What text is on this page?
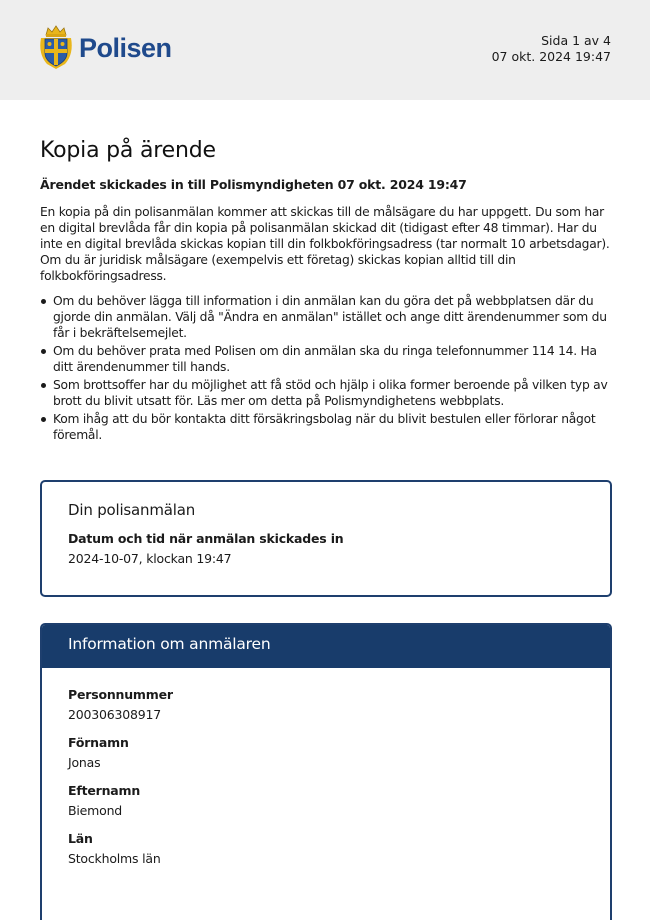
Polisen	Sida 1 av 4
07 okt. 2024 19:47
Kopia på ärende

Ärendet skickades in till Polismyndigheten 07 okt. 2024 19:47

En kopia på din polisanmälan kommer att skickas till de målsägare du har uppgett. Du som har en digital brevlåda får din kopia på polisanmälan skickad dit (tidigast efter 48 timmar). Har du inte en digital brevlåda skickas kopian till din folkbokföringsadress (tar normalt 10 arbetsdagar). Om du är juridisk målsägare (exempelvis ett företag) skickas kopian alltid till din folkbokföringsadress.

Om du behöver lägga till information i din anmälan kan du göra det på webbplatsen där du gjorde din anmälan. Välj då "Ändra en anmälan" istället och ange ditt ärendenummer som du får i bekräftelsemejlet.
Om du behöver prata med Polisen om din anmälan ska du ringa telefonnummer 114 14. Ha ditt ärendenummer till hands.
Som brottsoffer har du möjlighet att få stöd och hjälp i olika former beroende på vilken typ av brott du blivit utsatt för. Läs mer om detta på Polismyndighetens webbplats.
Kom ihåg att du bör kontakta ditt försäkringsbolag när du blivit bestulen eller förlorar något föremål.
Din polisanmälan
Datum och tid när anmälan skickades in
2024-10-07, klockan 19:47
Information om anmälaren
Personnummer
200306308917
Förnamn
Jonas
Efternamn
Biemond
Län
Stockholms län
